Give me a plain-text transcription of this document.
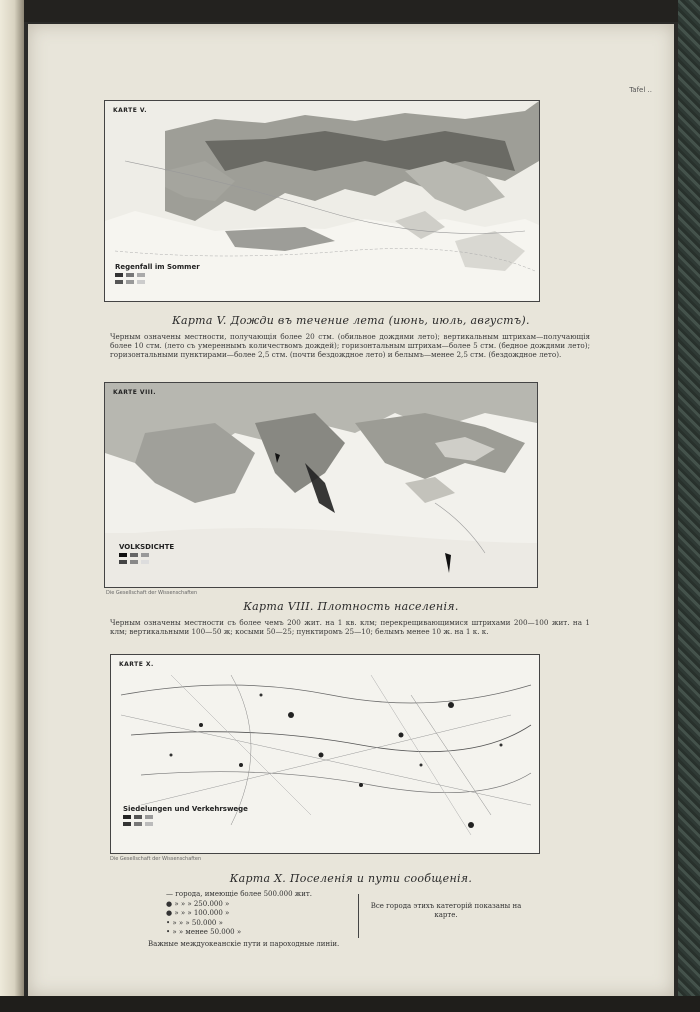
Tafel ..
KARTE V.
Regenfall im Sommer
Карта V. Дожди въ течение лета (июнь, июль, августъ).
Черным означены местности, получающія более 20 стм. (обильное дождями лето); вертикальным штрихам—получающія более 10 стм. (лето съ умереннымъ количествомъ дождей); горизонтальным штрихам—более 5 стм. (бедное дождями лето); горизонтальными пунктирами—более 2,5 стм. (почти бездождное лето) и белымъ—менее 2,5 стм. (бездождное лето).
KARTE VIII.
VOLKSDICHTE
Die Gesellschaft der Wissenschaften
Карта VIII. Плотность населенія.
Черным означены местности съ более чемъ 200 жит. на 1 кв. клм; перекрещивающимися штрихами 200—100 жит. на 1 клм; вертикальными 100—50 ж; косыми 50—25; пунктиромъ 25—10; белымъ менее 10 ж. на 1 к. к.
KARTE X.
Siedelungen und Verkehrswege
Die Gesellschaft der Wissenschaften
Карта X. Поселенія и пути сообщенія.
— города, имеющіе более 500.000 жит.
● » » » 250.000 »
● » » » 100.000 »
• » » » 50.000 »
• » » менее 50.000 »
Все города этихъ категорій показаны на карте.
Важные междуокеанскіе пути и пароходные линіи.
